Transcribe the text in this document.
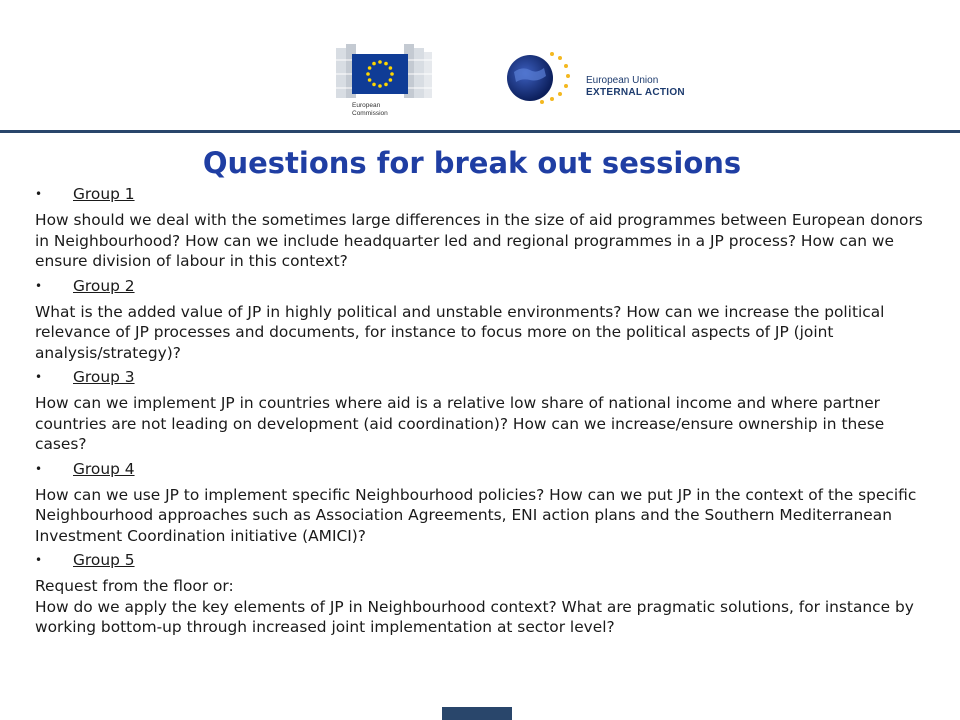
European
Commission
European Union
EXTERNAL ACTION
Questions for break out sessions
• Group 1

How should we deal with the sometimes large differences in the size of aid programmes between European donors in Neighbourhood? How can we include headquarter led and regional programmes in a JP process? How can we ensure division of labour in this context?

• Group 2

What is the added value of JP in highly political and unstable environments? How can we increase the political relevance of JP processes and documents, for instance to focus more on the political aspects of JP (joint analysis/strategy)?

• Group 3

How can we implement JP in countries where aid is a relative low share of national income and where partner countries are not leading on development (aid coordination)? How can we increase/ensure ownership in these cases?

• Group 4

How can we use JP to implement specific Neighbourhood policies? How can we put JP in the context of the specific Neighbourhood approaches such as Association Agreements, ENI action plans and the Southern Mediterranean Investment Coordination initiative (AMICI)?

• Group 5

Request from the floor or:

How do we apply the key elements of JP in Neighbourhood context? What are pragmatic solutions, for instance by working bottom-up through increased joint implementation at sector level?
